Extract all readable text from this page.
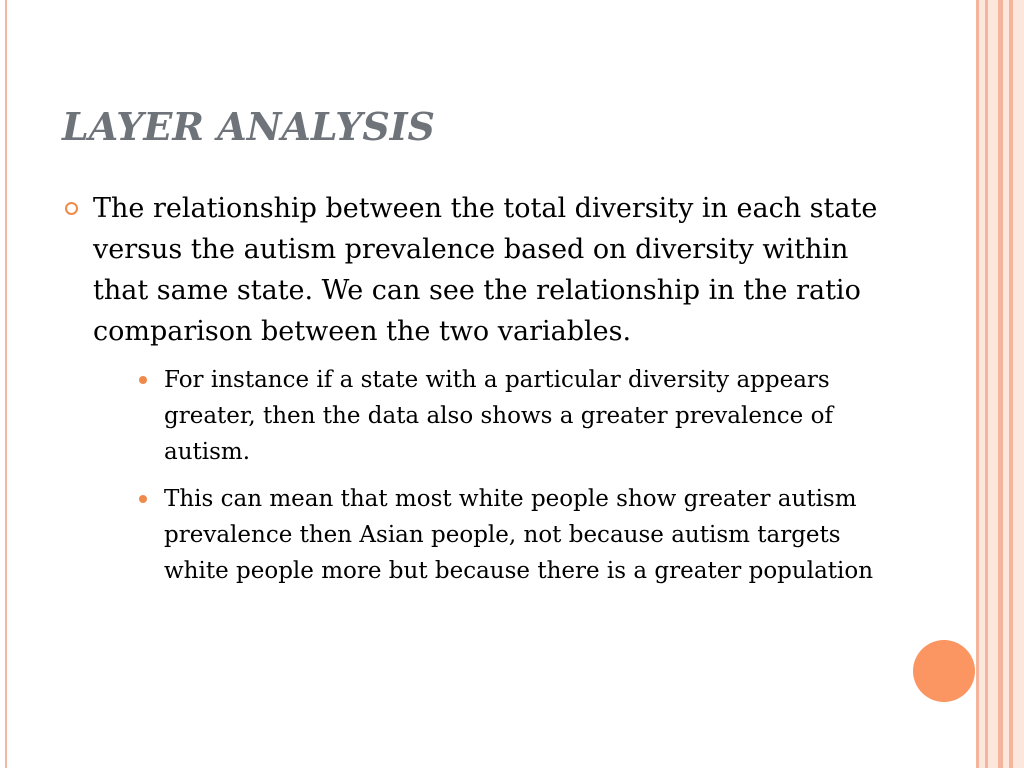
LAYER ANALYSIS
The relationship between the total diversity in each state versus the autism prevalence based on diversity within that same state. We can see the relationship in the ratio comparison between the two variables.
For instance if a state with a particular diversity appears greater, then the data also shows a greater prevalence of autism.
This can mean that most white people show greater autism prevalence then Asian people, not because autism targets white people more but because there is a greater population
